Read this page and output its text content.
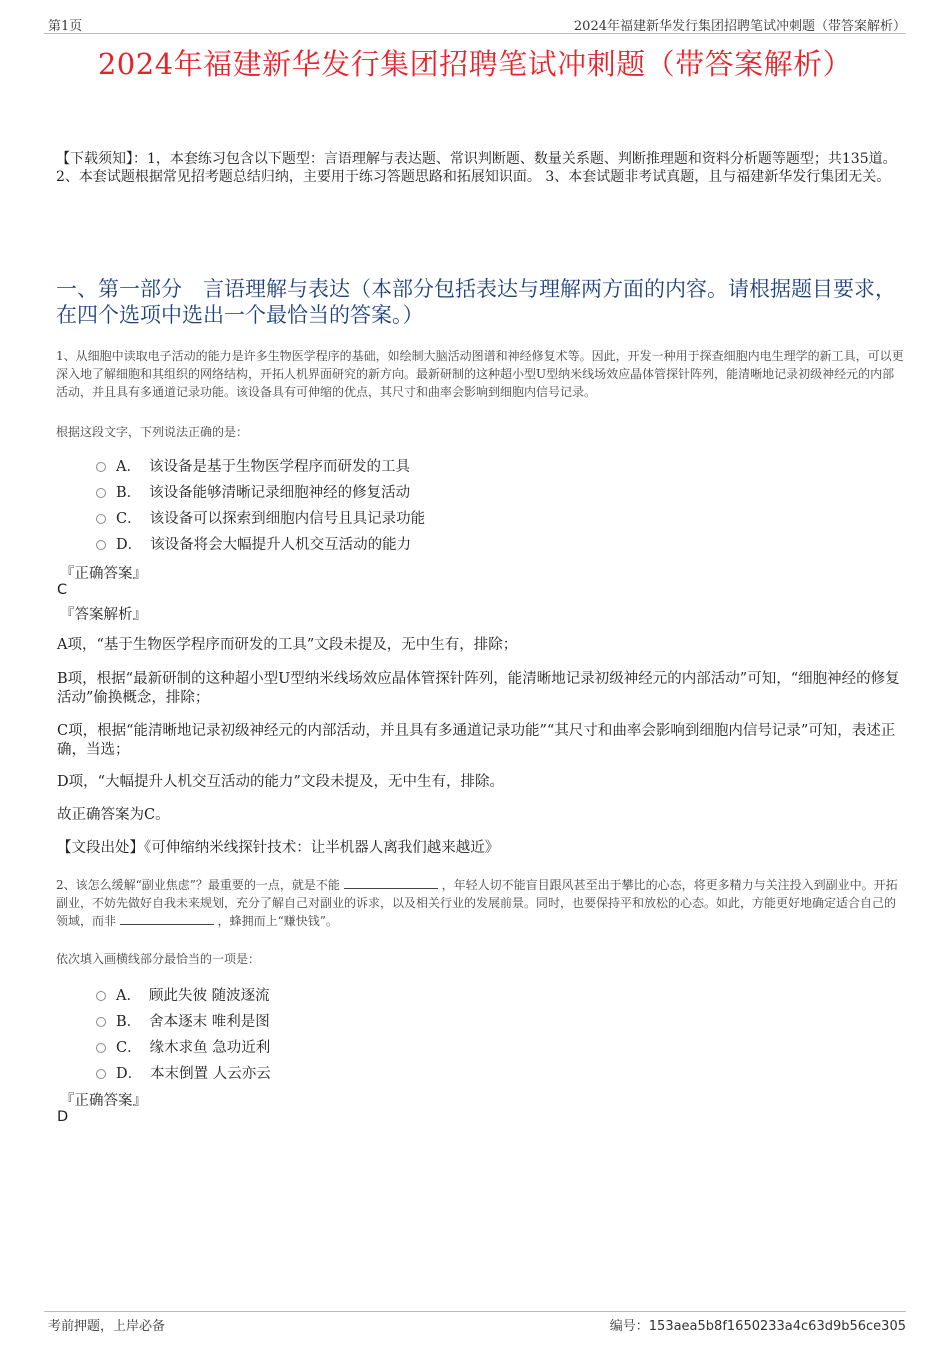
第1页	2024年福建新华发行集团招聘笔试冲刺题（带答案解析）
2024年福建新华发行集团招聘笔试冲刺题（带答案解析）
【下载须知】：1，本套练习包含以下题型：言语理解与表达题、常识判断题、数量关系题、判断推理题和资料分析题等题型；共135道。 2、本套试题根据常见招考题总结归纳，主要用于练习答题思路和拓展知识面。 3、本套试题非考试真题，且与福建新华发行集团无关。
一、第一部分　言语理解与表达（本部分包括表达与理解两方面的内容。请根据题目要求，在四个选项中选出一个最恰当的答案。）
1、从细胞中读取电子活动的能力是许多生物医学程序的基础，如绘制大脑活动图谱和神经修复术等。因此，开发一种用于探查细胞内电生理学的新工具，可以更深入地了解细胞和其组织的网络结构，开拓人机界面研究的新方向。最新研制的这种超小型U型纳米线场效应晶体管探针阵列，能清晰地记录初级神经元的内部活动，并且具有多通道记录功能。该设备具有可伸缩的优点，其尺寸和曲率会影响到细胞内信号记录。
根据这段文字，下列说法正确的是：
A． 该设备是基于生物医学程序而研发的工具
B． 该设备能够清晰记录细胞神经的修复活动
C． 该设备可以探索到细胞内信号且具记录功能
D． 该设备将会大幅提升人机交互活动的能力
『正确答案』
C
『答案解析』
A项，“基于生物医学程序而研发的工具”文段未提及，无中生有，排除；
B项，根据“最新研制的这种超小型U型纳米线场效应晶体管探针阵列，能清晰地记录初级神经元的内部活动”可知，“细胞神经的修复活动”偷换概念，排除；
C项，根据“能清晰地记录初级神经元的内部活动，并且具有多通道记录功能”“其尺寸和曲率会影响到细胞内信号记录”可知，表述正确，当选；
D项，“大幅提升人机交互活动的能力”文段未提及，无中生有，排除。
故正确答案为C。
【文段出处】《可伸缩纳米线探针技术：让半机器人离我们越来越近》
2、该怎么缓解“副业焦虑”？最重要的一点，就是不能	，年轻人切不能盲目跟风甚至出于攀比的心态，将更多精力与关注投入到副业中。开拓副业，不妨先做好自我未来规划，充分了解自己对副业的诉求，以及相关行业的发展前景。同时，也要保持平和放松的心态。如此，方能更好地确定适合自己的领域，而非	，蜂拥而上“赚快钱”。
依次填入画横线部分最恰当的一项是：
A． 顾此失彼 随波逐流
B． 舍本逐末 唯利是图
C． 缘木求鱼 急功近利
D． 本末倒置 人云亦云
『正确答案』
D
考前押题，上岸必备	编号：153aea5b8f1650233a4c63d9b56ce305
